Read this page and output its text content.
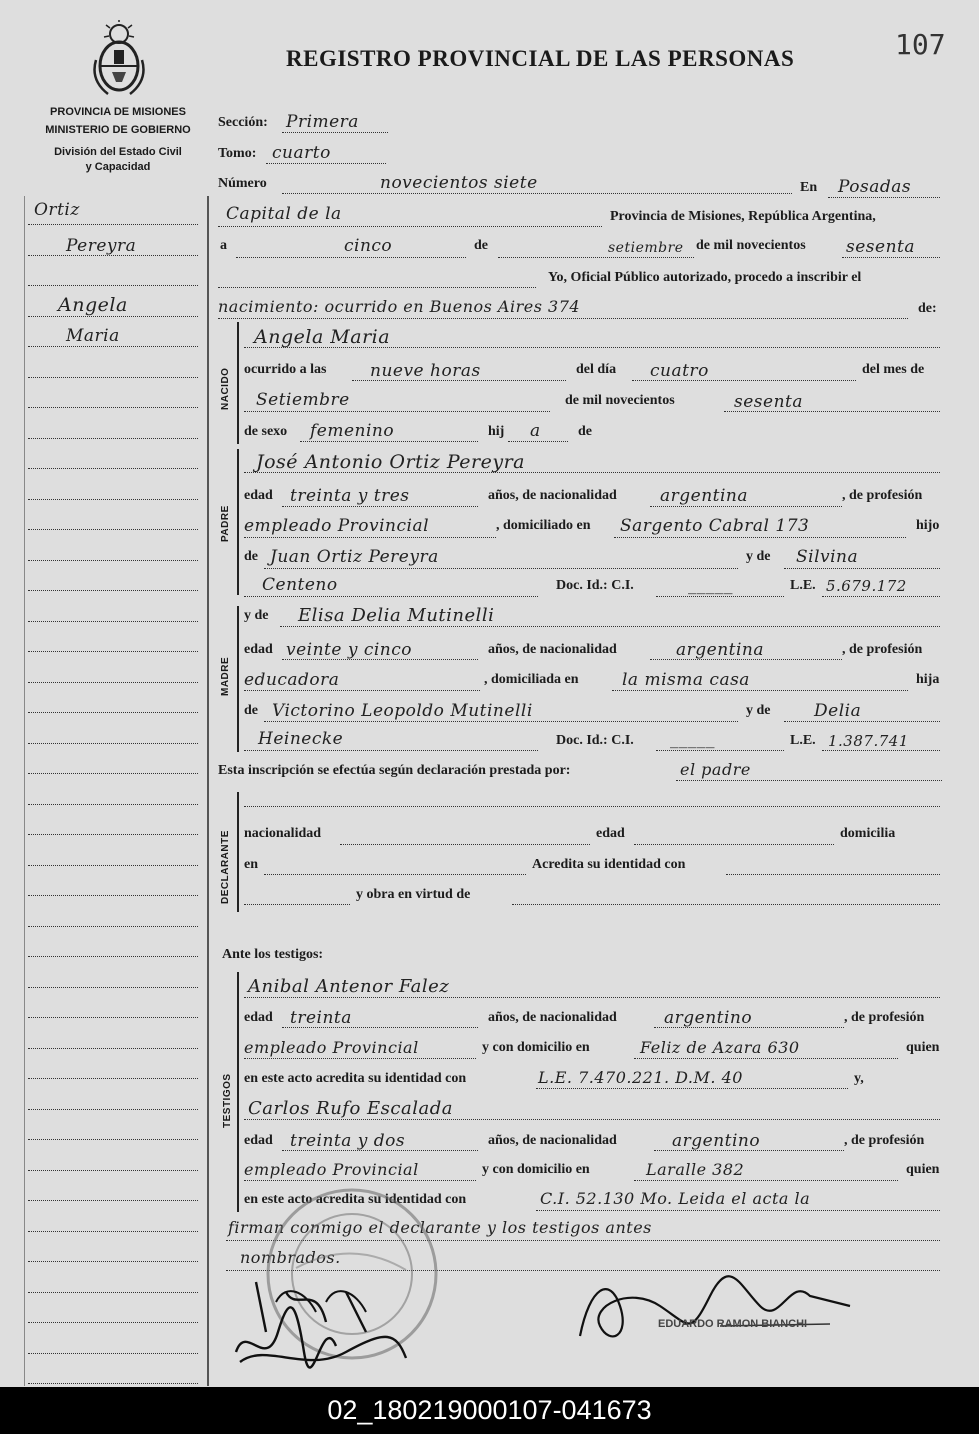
PROVINCIA DE MISIONES
MINISTERIO DE GOBIERNO
División del Estado Civil
y Capacidad
REGISTRO PROVINCIAL DE LAS PERSONAS	107
Ortiz
Pereyra
Angela
Maria
Sección: Primera
Tomo: cuarto
Número	novecientos siete	En Posadas
Capital de la	Provincia de Misiones, República Argentina,
a	cinco	de	setiembre de mil novecientos sesenta
Yo, Oficial Público autorizado, procedo a inscribir el
nacimiento: ocurrido en Buenos Aires 374	de:
NACIDO
Angela Maria
ocurrido a las	nueve horas	del día cuatro	del mes de
Setiembre	de mil novecientos	sesenta
de sexo femenino	hij a	de
PADRE
José Antonio Ortiz Pereyra
edad treinta y tres	años, de nacionalidad	argentina	, de profesión
empleado Provincial	, domiciliado en Sargento Cabral 173	hijo
de Juan Ortiz Pereyra	y de Silvina
Centeno	Doc. Id.: C.I.	_____	L.E. 5.679.172
MADRE
y de Elisa Delia Mutinelli
edad veinte y cinco	años, de nacionalidad	argentina	, de profesión
educadora	, domiciliada en	la misma casa	hija
de Victorino Leopoldo Mutinelli	y de	Delia
Heinecke	Doc. Id.: C.I. _____	L.E. 1.387.741
Esta inscripción se efectúa según declaración prestada por:	el padre
DECLARANTE nacionalidad	edad	domicilia
en	Acredita su identidad con
y obra en virtud de
Ante los testigos:
TESTIGOS
Anibal Antenor Falez
edad treinta	años, de nacionalidad	argentino	, de profesión
empleado Provincial	y con domicilio en	Feliz de Azara 630	quien
en este acto acredita su identidad con	L.E. 7.470.221. D.M. 40	y,
Carlos Rufo Escalada
edad treinta y dos	años, de nacionalidad	argentino	, de profesión
empleado Provincial	y con domicilio en	Laralle 382	quien
en este acto acredita su identidad con	C.I. 52.130 Mo. Leida el acta la
firman conmigo el declarante y los testigos antes
nombrados.
EDUARDO RAMON BIANCHI
02_180219000107-041673
